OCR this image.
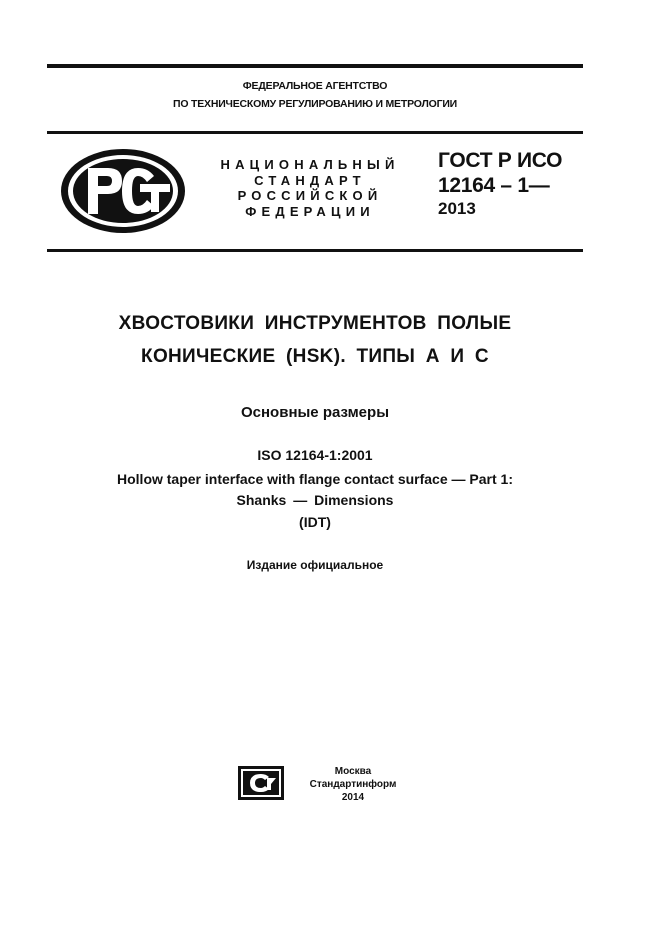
ФЕДЕРАЛЬНОЕ АГЕНТСТВО
ПО ТЕХНИЧЕСКОМУ РЕГУЛИРОВАНИЮ И МЕТРОЛОГИИ
НАЦИОНАЛЬНЫЙ
СТАНДАРТ
РОССИЙСКОЙ
ФЕДЕРАЦИИ
ГОСТ Р ИСО
12164 – 1—
2013
ХВОСТОВИКИ ИНСТРУМЕНТОВ ПОЛЫЕ
КОНИЧЕСКИЕ (HSK). ТИПЫ А И С
Основные размеры
ISO 12164-1:2001
Hollow taper interface with flange contact surface — Part 1:
Shanks — Dimensions
(IDT)
Издание официальное
Москва
Стандартинформ
2014
